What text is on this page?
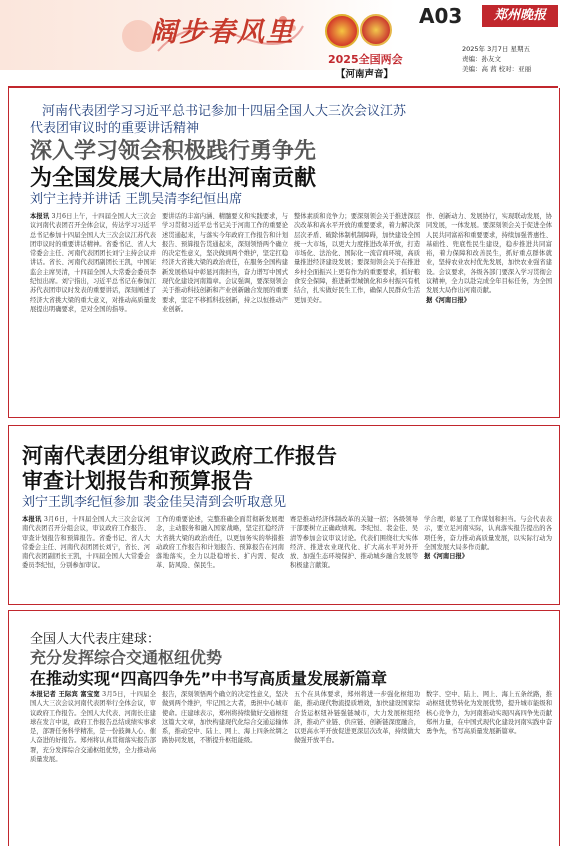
阔步春风里
2025全国两会
【河南声音】
A03	郑州晚报
2025年 3月7日 星期五
责编：孙友文
美编：高 茜 校对：亚丽
河南代表团学习习近平总书记参加十四届全国人大三次会议江苏
代表团审议时的重要讲话精神
深入学习领会积极践行勇争先
为全国发展大局作出河南贡献
刘宁主持并讲话 王凯吴清李纪恒出席
本报讯 3月6日上午，十四届全国人大三次会议河南代表团召开全体会议，传达学习习近平总书记参加十四届全国人大三次会议江苏代表团审议时的重要讲话精神。省委书记、省人大常委会主任、河南代表团团长刘宁主持会议并讲话。省长、河南代表团副团长王凯，中国证监会主席吴清，十四届全国人大常委会委员李纪恒出席。刘宁指出，习近平总书记在参加江苏代表团审议时发表的重要讲话，深刻阐述了经济大省挑大梁的重大意义，对推动高质量发展提出明确要求，是对全国的指导。
要讲话的丰富内涵、精髓要义和实践要求，与学习贯彻习近平总书记关于河南工作的重要论述贯通起来，与落实今年政府工作报告和计划报告、预算报告贯通起来，深刻领悟两个确立的决定性意义，坚决做到两个维护，坚定扛稳经济大省挑大梁的政治责任，在服务全国构建新发展格局中彰显河南担当，奋力谱写中国式现代化建设河南篇章。会议强调，要深刻领会关于推动科技创新和产业创新融合发展的重要要求，坚定不移抓科技创新，持之以恒推动产业创新。
整体素质和竞争力；要深刻领会关于推进深层次改革和高水平开放的重要要求，着力解决深层次矛盾、破除体制机制障碍，加快建设全国统一大市场，以更大力度推进改革开放，打造市场化、法治化、国际化一流营商环境，高质量推进经济建设发展；要深刻领会关于在推进乡村全面振兴上更有作为的重要要求，抓好粮食安全保障，推进新型城镇化和乡村振兴有机结合，扎实做好民生工作，确保人民群众生活更加美好。
作、创新动力、发展协行，实现联动发展，协同发展，一体发展。要深刻领会关于促进全体人民共同富裕和重要要求，持续加强普惠性、基础性、兜底性民生建设，稳步推进共同富裕，着力保障和改善民生，抓好重点群体就业，坚持农业农村优先发展，加快农业强省建设。会议要求，各级各部门要深入学习贯彻会议精神，全力以赴完成全年目标任务，为全国发展大局作出河南贡献。
据《河南日报》
河南代表团分组审议政府工作报告
审查计划报告和预算报告
刘宁王凯李纪恒参加 裴金佳吴清到会听取意见
本报讯 3月6日，十四届全国人大三次会议河南代表团召开分组会议，审议政府工作报告、审查计划报告和预算报告。省委书记、省人大常委会主任、河南代表团团长刘宁，省长、河南代表团副团长王凯，十四届全国人大常委会委员李纪恒，分别参加审议。
工作的重要论述，完整准确全面贯彻新发展理念，主动服务和融入国家战略，坚定扛稳经济大省挑大梁的政治责任，以更加务实的举措推动政府工作报告和计划报告、预算报告在河南落地落实，全力以赴稳增长、扩内需、促改革、防风险、保民生。
赛是推动经济体制改革的关键一招；各级领导干部要树立正确政绩观。李纪恒、裴金佳、吴清等参加会议审议讨论。代表们围绕壮大实体经济、推进农业现代化、扩大高水平对外开放、加强生态环境保护、推动城乡融合发展等积极建言献策。
学合理，彰显了工作谋划和担当。与会代表表示，要立足河南实际，认真落实报告提出的各项任务，奋力推动高质量发展，以实际行动为全国发展大局多作贡献。
据《河南日报》
全国人大代表庄建球：
充分发挥综合交通枢纽优势
在推动实现“四高四争先”中书写高质量发展新篇章
本报记者 王际宾 富宝宽 3月5日，十四届全国人大三次会议河南代表团举行全体会议，审议政府工作报告。全国人大代表、河南长庄建球在发言中说，政府工作报告总结成绩实事求是，部署任务科学精准，是一份鼓舞人心、催人奋进的好报告。郑州将认真贯彻落实报告部署，充分发挥综合交通枢纽优势，全力推动高质量发展。
报告，深刻领悟两个确立的决定性意义，坚决做到两个维护，牢记国之大者，勇担中心城市使命。庄建球表示，郑州将持续做好交通枢纽这篇大文章，加快构建现代化综合交通运输体系，推动空中、陆上、网上、海上四条丝绸之路协同发展，不断提升枢纽能级。
五个在具体要求，郑州将进一步强化枢纽功能，推动现代物流提质增效，加快建设国家综合货运枢纽补链强链城市，大力发展枢纽经济，推动产业链、供应链、创新链深度融合，以更高水平开放促进更深层次改革，持续做大做强开放平台。
数字、空中、陆上、网上、海上五条丝路，推动枢纽优势转化为发展优势，提升城市能级和核心竞争力，为河南推动实现四高四争先贡献郑州力量，在中国式现代化建设河南实践中奋勇争先，书写高质量发展新篇章。
